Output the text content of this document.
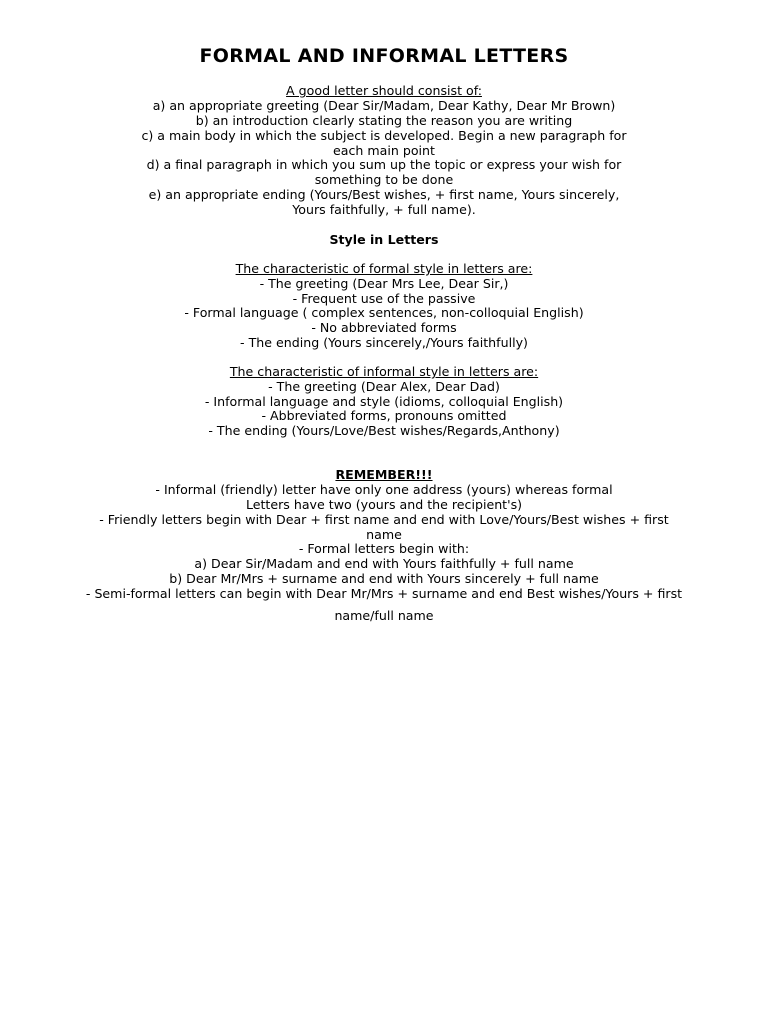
FORMAL AND INFORMAL LETTERS
A good letter should consist of:
a) an appropriate greeting (Dear Sir/Madam, Dear Kathy, Dear Mr Brown)
b) an introduction clearly stating the reason you are writing
c) a main body in which the subject is developed. Begin a new paragraph for
each main point
d) a final paragraph in which you sum up the topic or express your wish for
something to be done
e) an appropriate ending (Yours/Best wishes, + first name, Yours sincerely,
Yours faithfully, + full name).
Style in Letters
The characteristic of formal style in letters are:
- The greeting (Dear Mrs Lee, Dear Sir,)
- Frequent use of the passive
- Formal language ( complex sentences, non-colloquial English)
- No abbreviated forms
- The ending (Yours sincerely,/Yours faithfully)
The characteristic of informal style in letters are:
- The greeting (Dear Alex, Dear Dad)
- Informal language and style (idioms, colloquial English)
- Abbreviated forms, pronouns omitted
- The ending (Yours/Love/Best wishes/Regards,Anthony)
REMEMBER!!!
- Informal (friendly) letter have only one address (yours) whereas formal
Letters have two (yours and the recipient's)
- Friendly letters begin with Dear + first name and end with Love/Yours/Best wishes + first
name
- Formal letters begin with:
a) Dear Sir/Madam and end with Yours faithfully + full name
b) Dear Mr/Mrs + surname and end with Yours sincerely + full name
- Semi-formal letters can begin with Dear Mr/Mrs + surname and end Best wishes/Yours + first
name/full name
